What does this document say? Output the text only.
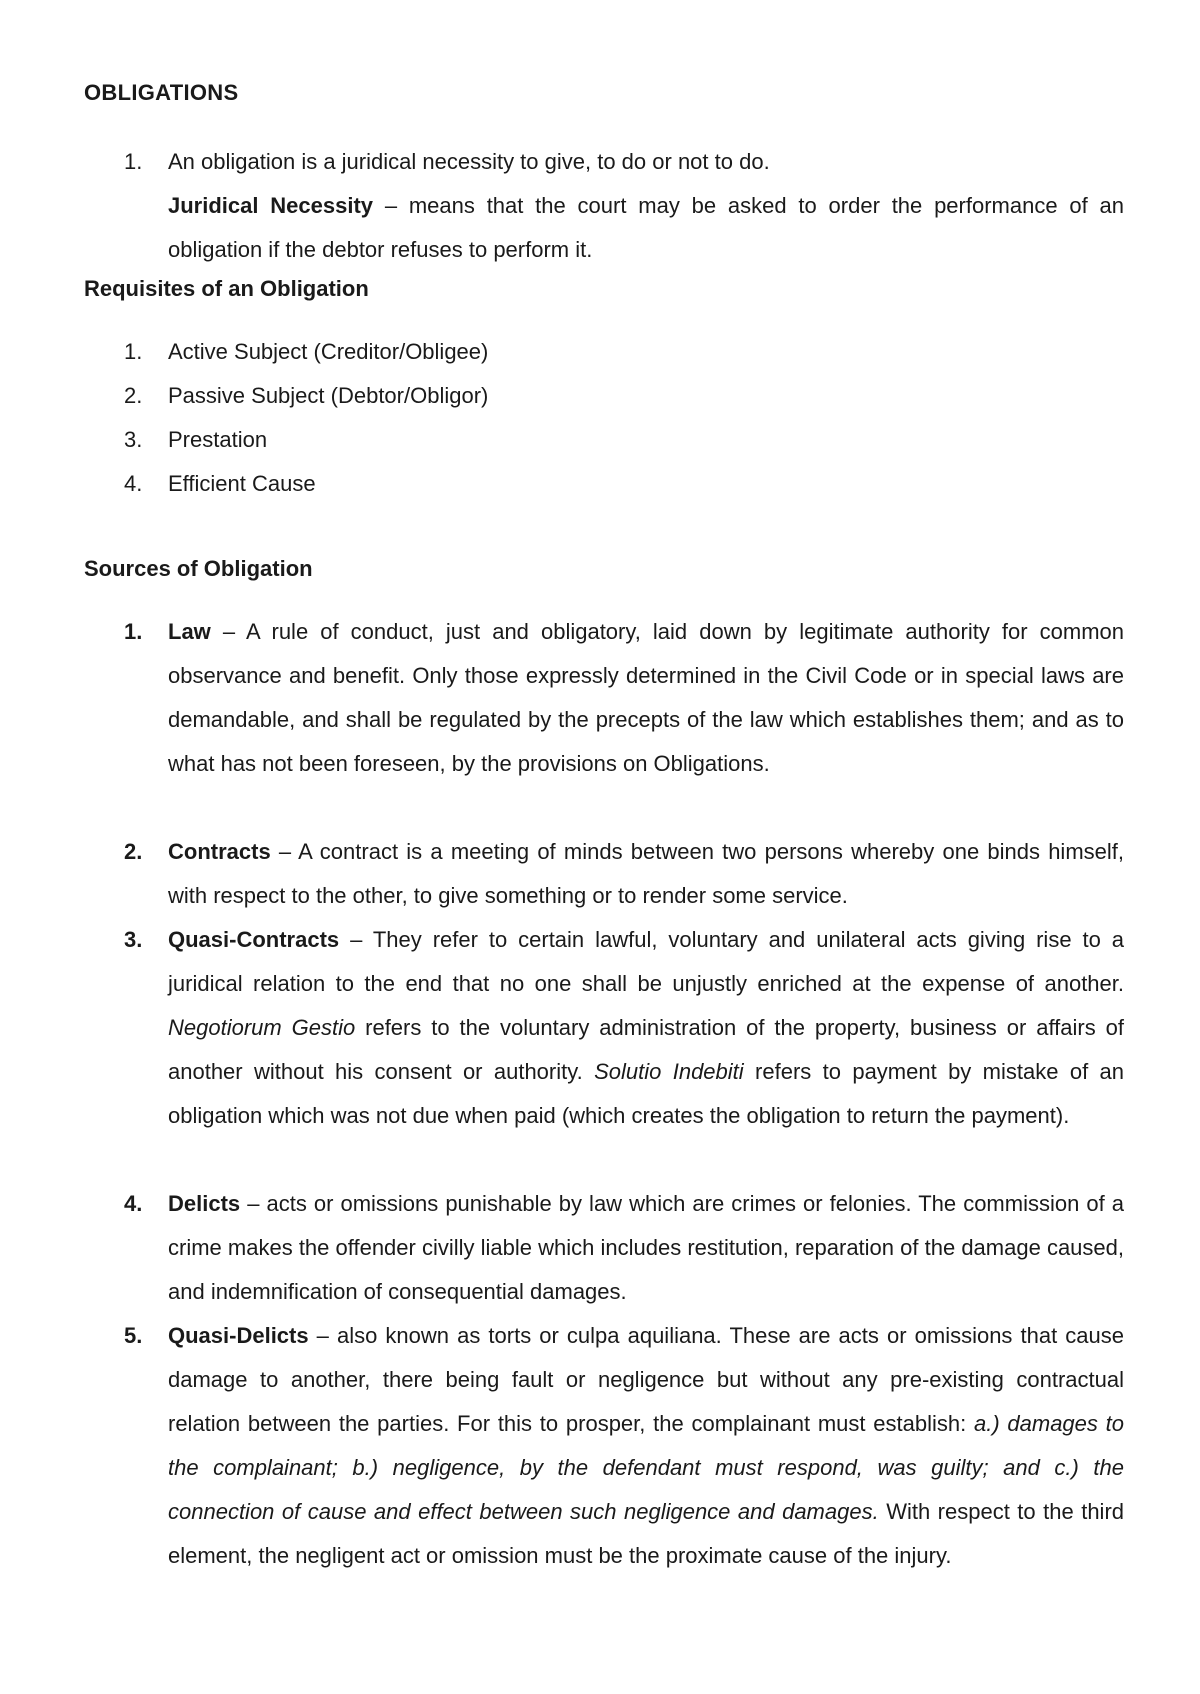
OBLIGATIONS
1. An obligation is a juridical necessity to give, to do or not to do.

Juridical Necessity – means that the court may be asked to order the performance of an obligation if the debtor refuses to perform it.

Requisites of an Obligation
1. Active Subject (Creditor/Obligee)
2. Passive Subject (Debtor/Obligor)
3. Prestation
4. Efficient Cause
Sources of Obligation
1. Law – A rule of conduct, just and obligatory, laid down by legitimate authority for common observance and benefit. Only those expressly determined in the Civil Code or in special laws are demandable, and shall be regulated by the precepts of the law which establishes them; and as to what has not been foreseen, by the provisions on Obligations.
2. Contracts – A contract is a meeting of minds between two persons whereby one binds himself, with respect to the other, to give something or to render some service.
3. Quasi-Contracts – They refer to certain lawful, voluntary and unilateral acts giving rise to a juridical relation to the end that no one shall be unjustly enriched at the expense of another. Negotiorum Gestio refers to the voluntary administration of the property, business or affairs of another without his consent or authority. Solutio Indebiti refers to payment by mistake of an obligation which was not due when paid (which creates the obligation to return the payment).
4. Delicts – acts or omissions punishable by law which are crimes or felonies. The commission of a crime makes the offender civilly liable which includes restitution, reparation of the damage caused, and indemnification of consequential damages.
5. Quasi-Delicts – also known as torts or culpa aquiliana. These are acts or omissions that cause damage to another, there being fault or negligence but without any pre-existing contractual relation between the parties. For this to prosper, the complainant must establish: a.) damages to the complainant; b.) negligence, by the defendant must respond, was guilty; and c.) the connection of cause and effect between such negligence and damages. With respect to the third element, the negligent act or omission must be the proximate cause of the injury.
